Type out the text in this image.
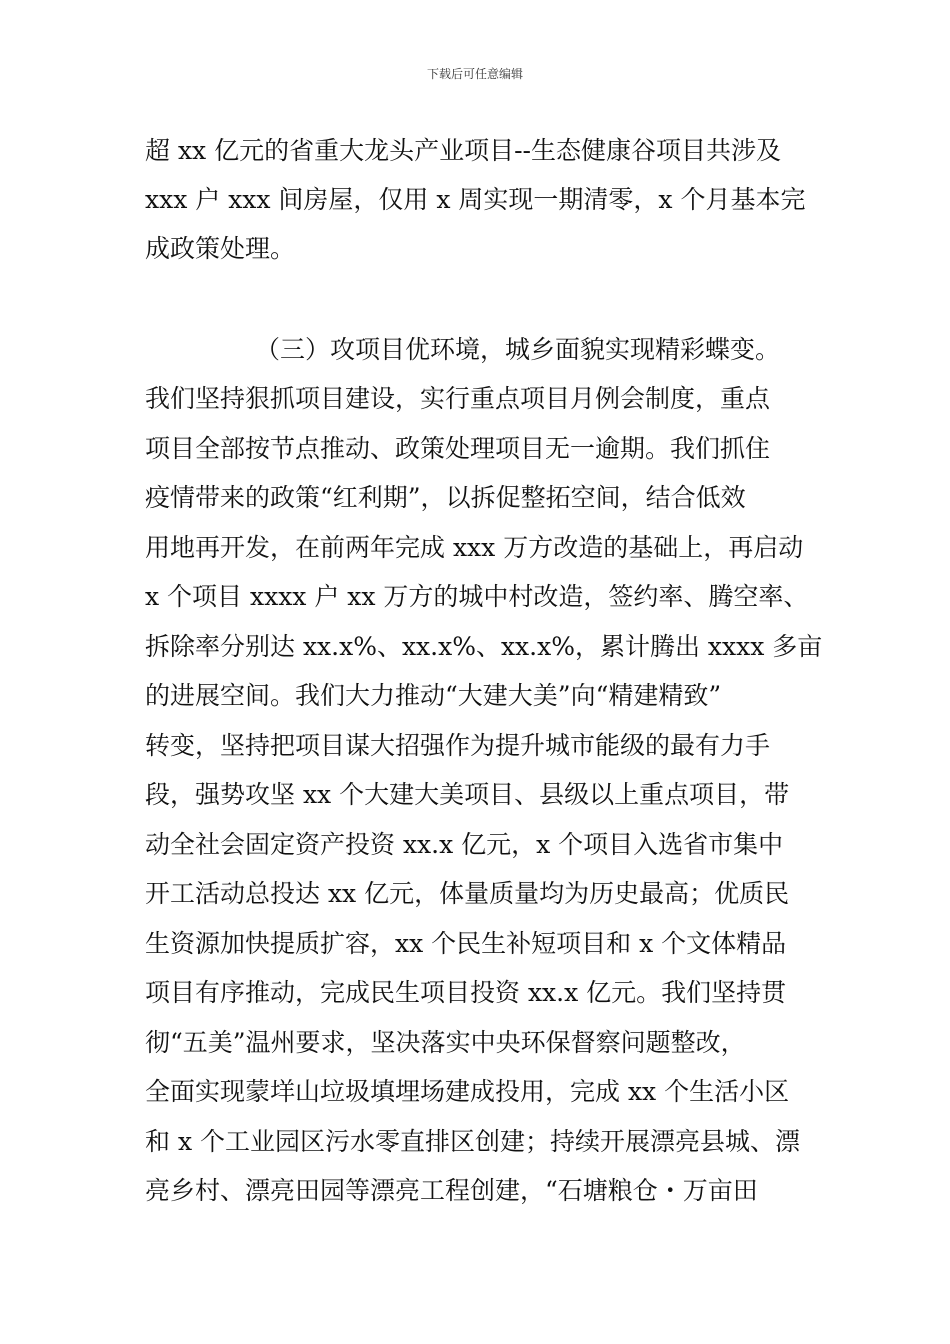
下载后可任意编辑
超 xx 亿元的省重大龙头产业项目--生态健康谷项目共涉及
xxx 户 xxx 间房屋，仅用 x 周实现一期清零，x 个月基本完
成政策处理。
（三）攻项目优环境，城乡面貌实现精彩蝶变。
我们坚持狠抓项目建设，实行重点项目月例会制度，重点
项目全部按节点推动、政策处理项目无一逾期。我们抓住
疫情带来的政策“红利期”，以拆促整拓空间，结合低效
用地再开发，在前两年完成 xxx 万方改造的基础上，再启动
x 个项目 xxxx 户 xx 万方的城中村改造，签约率、腾空率、
拆除率分别达 xx.x%、xx.x%、xx.x%，累计腾出 xxxx 多亩
的进展空间。我们大力推动“大建大美”向“精建精致”
转变，坚持把项目谋大招强作为提升城市能级的最有力手
段，强势攻坚 xx 个大建大美项目、县级以上重点项目，带
动全社会固定资产投资 xx.x 亿元，x 个项目入选省市集中
开工活动总投达 xx 亿元，体量质量均为历史最高；优质民
生资源加快提质扩容，xx 个民生补短项目和 x 个文体精品
项目有序推动，完成民生项目投资 xx.x 亿元。我们坚持贯
彻“五美”温州要求，坚决落实中央环保督察问题整改，
全面实现蒙垟山垃圾填埋场建成投用，完成 xx 个生活小区
和 x 个工业园区污水零直排区创建；持续开展漂亮县城、漂
亮乡村、漂亮田园等漂亮工程创建，“石塘粮仓・万亩田
